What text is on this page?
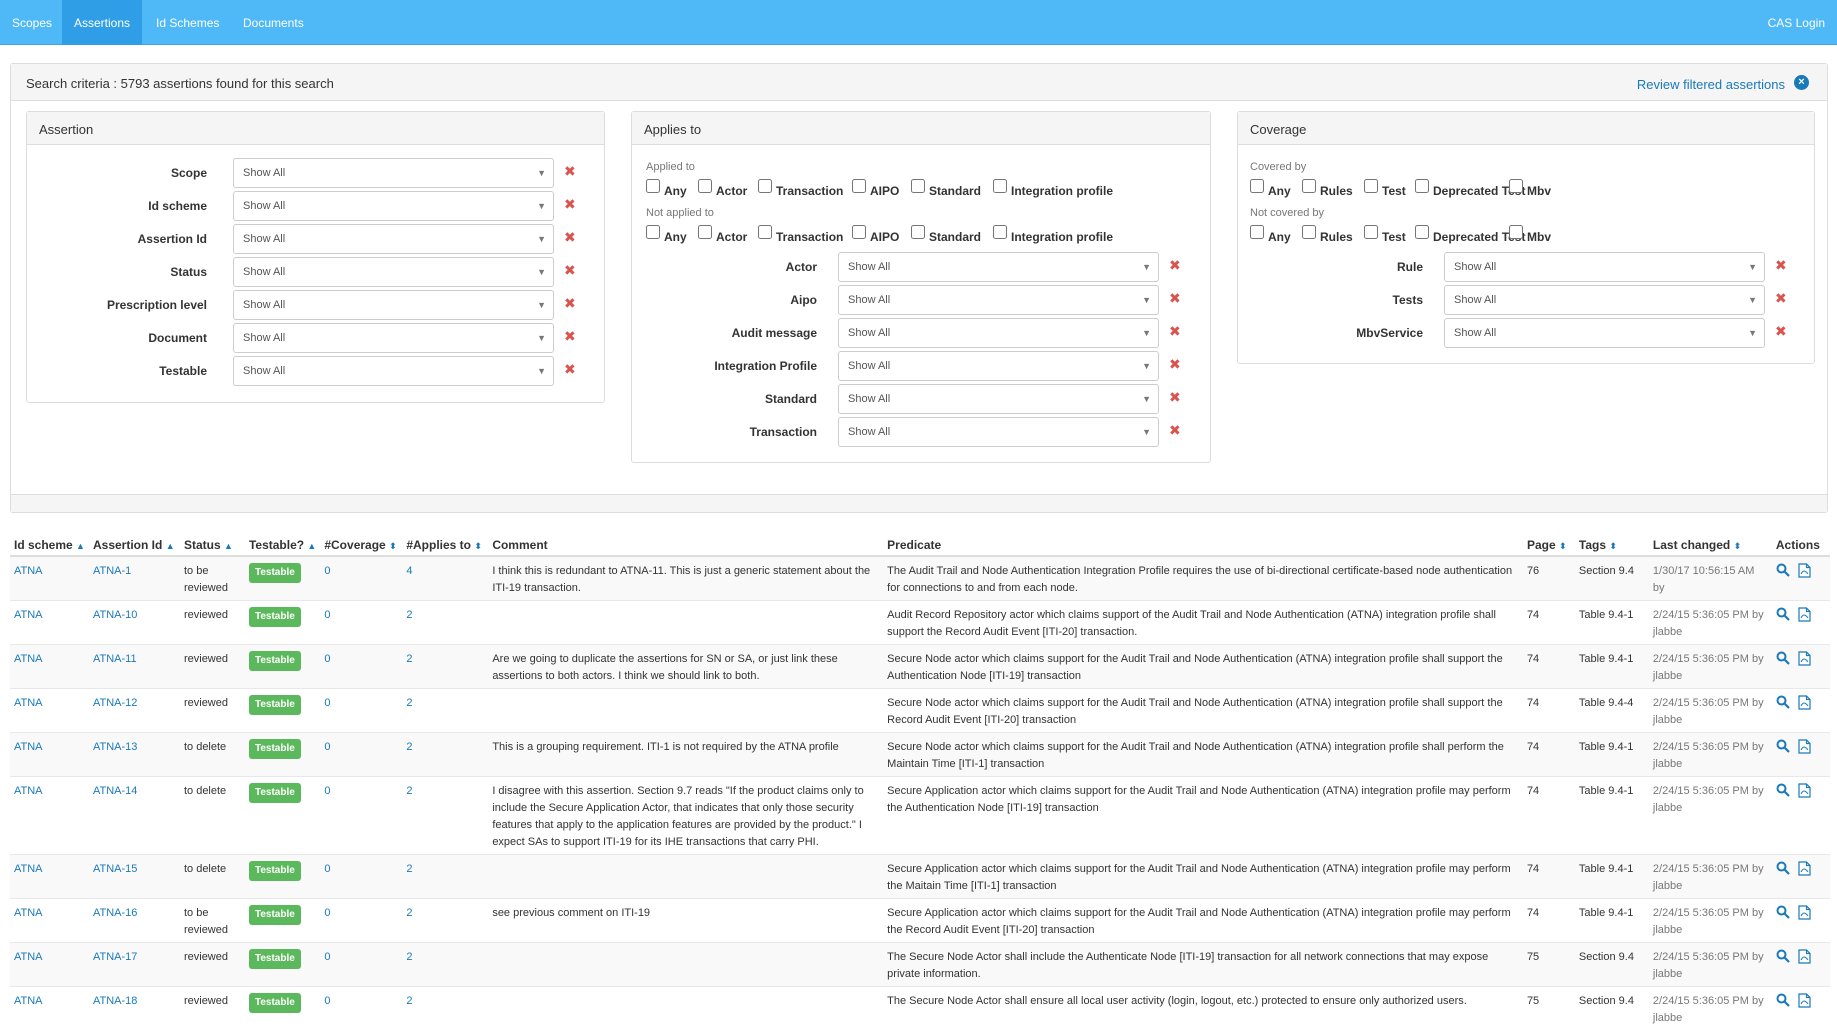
Scopes	Assertions	Id Schemes	Documents	CAS Login
Search criteria : 5793 assertions found for this search	Review filtered assertions	×
Assertion
Scope	Show All	▼ ✖
Id scheme	Show All	▼ ✖
Assertion Id	Show All	▼ ✖
Status	Show All	▼ ✖
Prescription level	Show All	▼ ✖
Document	Show All	▼ ✖
Testable	Show All	▼ ✖
Applies to
Applied to
Any Actor Transaction AIPO Standard Integration profile
Not applied to
Any Actor Transaction AIPO Standard Integration profile
Actor	Show All	▼ ✖
Aipo	Show All	▼ ✖
Audit message	Show All	▼ ✖
Integration Profile	Show All	▼ ✖
Standard	Show All	▼ ✖
Transaction	Show All	▼ ✖
Coverage
Covered by
Any Rules Test Deprecated Test Mbv
Not covered by
Any Rules Test Deprecated Test Mbv
Rule	Show All	▼ ✖
Tests	Show All	▼ ✖
MbvService	Show All	▼ ✖
Id scheme ▲	Assertion Id ▲	Status ▲	Testable? ▲	#Coverage ⬍	#Applies to ⬍	Comment	Predicate	Page ⬍	Tags ⬍	Last changed ⬍	Actions
ATNA	ATNA-1	to be reviewed	Testable	0	4	I think this is redundant to ATNA-11. This is just a generic statement about the ITI-19 transaction.	The Audit Trail and Node Authentication Integration Profile requires the use of bi-directional certificate-based node authentication for connections to and from each node.	76	Section 9.4	1/30/17 10:56:15 AM by	
ATNA	ATNA-10	reviewed	Testable	0	2		Audit Record Repository actor which claims support of the Audit Trail and Node Authentication (ATNA) integration profile shall support the Record Audit Event [ITI-20] transaction.	74	Table 9.4-1	2/24/15 5:36:05 PM by jlabbe	
ATNA	ATNA-11	reviewed	Testable	0	2	Are we going to duplicate the assertions for SN or SA, or just link these assertions to both actors. I think we should link to both.	Secure Node actor which claims support for the Audit Trail and Node Authentication (ATNA) integration profile shall support the Authentication Node [ITI-19] transaction	74	Table 9.4-1	2/24/15 5:36:05 PM by jlabbe	
ATNA	ATNA-12	reviewed	Testable	0	2		Secure Node actor which claims support for the Audit Trail and Node Authentication (ATNA) integration profile shall support the Record Audit Event [ITI-20] transaction	74	Table 9.4-4	2/24/15 5:36:05 PM by jlabbe	
ATNA	ATNA-13	to delete	Testable	0	2	This is a grouping requirement. ITI-1 is not required by the ATNA profile	Secure Node actor which claims support for the Audit Trail and Node Authentication (ATNA) integration profile shall perform the Maintain Time [ITI-1] transaction	74	Table 9.4-1	2/24/15 5:36:05 PM by jlabbe	
ATNA	ATNA-14	to delete	Testable	0	2	I disagree with this assertion. Section 9.7 reads "If the product claims only to include the Secure Application Actor, that indicates that only those security features that apply to the application features are provided by the product." I expect SAs to support ITI-19 for its IHE transactions that carry PHI.	Secure Application actor which claims support for the Audit Trail and Node Authentication (ATNA) integration profile may perform the Authentication Node [ITI-19] transaction	74	Table 9.4-1	2/24/15 5:36:05 PM by jlabbe	
ATNA	ATNA-15	to delete	Testable	0	2		Secure Application actor which claims support for the Audit Trail and Node Authentication (ATNA) integration profile may perform the Maitain Time [ITI-1] transaction	74	Table 9.4-1	2/24/15 5:36:05 PM by jlabbe	
ATNA	ATNA-16	to be reviewed	Testable	0	2	see previous comment on ITI-19	Secure Application actor which claims support for the Audit Trail and Node Authentication (ATNA) integration profile may perform the Record Audit Event [ITI-20] transaction	74	Table 9.4-1	2/24/15 5:36:05 PM by jlabbe	
ATNA	ATNA-17	reviewed	Testable	0	2		The Secure Node Actor shall include the Authenticate Node [ITI-19] transaction for all network connections that may expose private information.	75	Section 9.4	2/24/15 5:36:05 PM by jlabbe	
ATNA	ATNA-18	reviewed	Testable	0	2		The Secure Node Actor shall ensure all local user activity (login, logout, etc.) protected to ensure only authorized users.	75	Section 9.4	2/24/15 5:36:05 PM by jlabbe	
